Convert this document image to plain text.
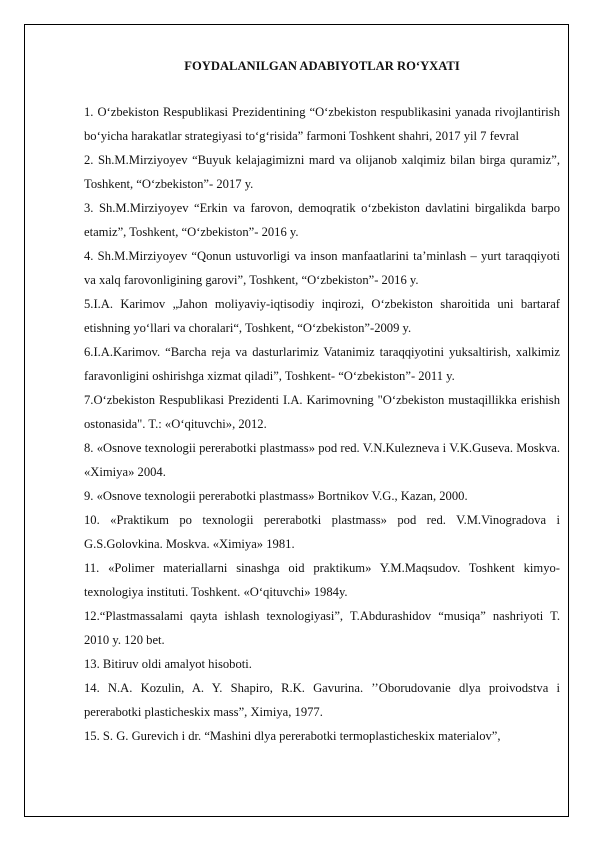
FOYDALANILGAN ADABIYOTLAR RO‘YXATI
1. O‘zbekiston Respublikasi Prezidentining “O‘zbekiston respublikasini yanada rivojlantirish bo‘yicha harakatlar strategiyasi to‘g‘risida” farmoni Toshkent shahri, 2017 yil 7 fevral
2. Sh.M.Mirziyoyev “Buyuk kelajagimizni mard va olijanob xalqimiz bilan birga quramiz”, Toshkent, “O‘zbekiston”- 2017 y.
3. Sh.M.Mirziyoyev “Erkin va farovon, demoqratik o‘zbekiston davlatini birgalikda barpo etamiz”, Toshkent, “O‘zbekiston”- 2016 y.
4. Sh.M.Mirziyoyev “Qonun ustuvorligi va inson manfaatlarini ta’minlash – yurt taraqqiyoti va xalq farovonligining garovi”, Toshkent, “O‘zbekiston”- 2016 y.
5.I.A. Karimov „Jahon moliyaviy-iqtisodiy inqirozi, O‘zbekiston sharoitida uni bartaraf etishning yo‘llari va choralari“, Toshkent, “O‘zbekiston”-2009 y.
6.I.A.Karimov. “Barcha reja va dasturlarimiz Vatanimiz taraqqiyotini yuksaltirish, xalkimiz faravonligini oshirishga xizmat qiladi”, Toshkent- “O‘zbekiston”- 2011 y.
7.O‘zbekiston Respublikasi Prezidenti I.A. Karimovning "O‘zbekiston mustaqillikka erishish ostonasida". T.: «O‘qituvchi», 2012.
8. «Osnove texnologii pererabotki plastmass» pod red. V.N.Kulezneva i V.K.Guseva. Moskva. «Ximiya» 2004.
9. «Osnove texnologii pererabotki plastmass» Bortnikov V.G., Kazan, 2000.
10. «Praktikum po texnologii pererabotki plastmass» pod red. V.M.Vinogradova i G.S.Golovkina. Moskva. «Ximiya» 1981.
11. «Polimer materiallarni sinashga oid praktikum» Y.M.Maqsudov. Toshkent kimyo-texnologiya instituti. Toshkent. «O‘qituvchi» 1984y.
12.“Plastmassalami qayta ishlash texnologiyasi”, T.Abdurashidov “musiqa” nashriyoti T. 2010 y. 120 bet.
13. Bitiruv oldi amalyot hisoboti.
14. N.A. Kozulin, A. Y. Shapiro, R.K. Gavurina. ’’Oborudovanie dlya proivodstva i pererabotki plasticheskix mass”, Ximiya, 1977.
15. S. G. Gurevich i dr. “Mashini dlya pererabotki termoplasticheskix materialov”,
